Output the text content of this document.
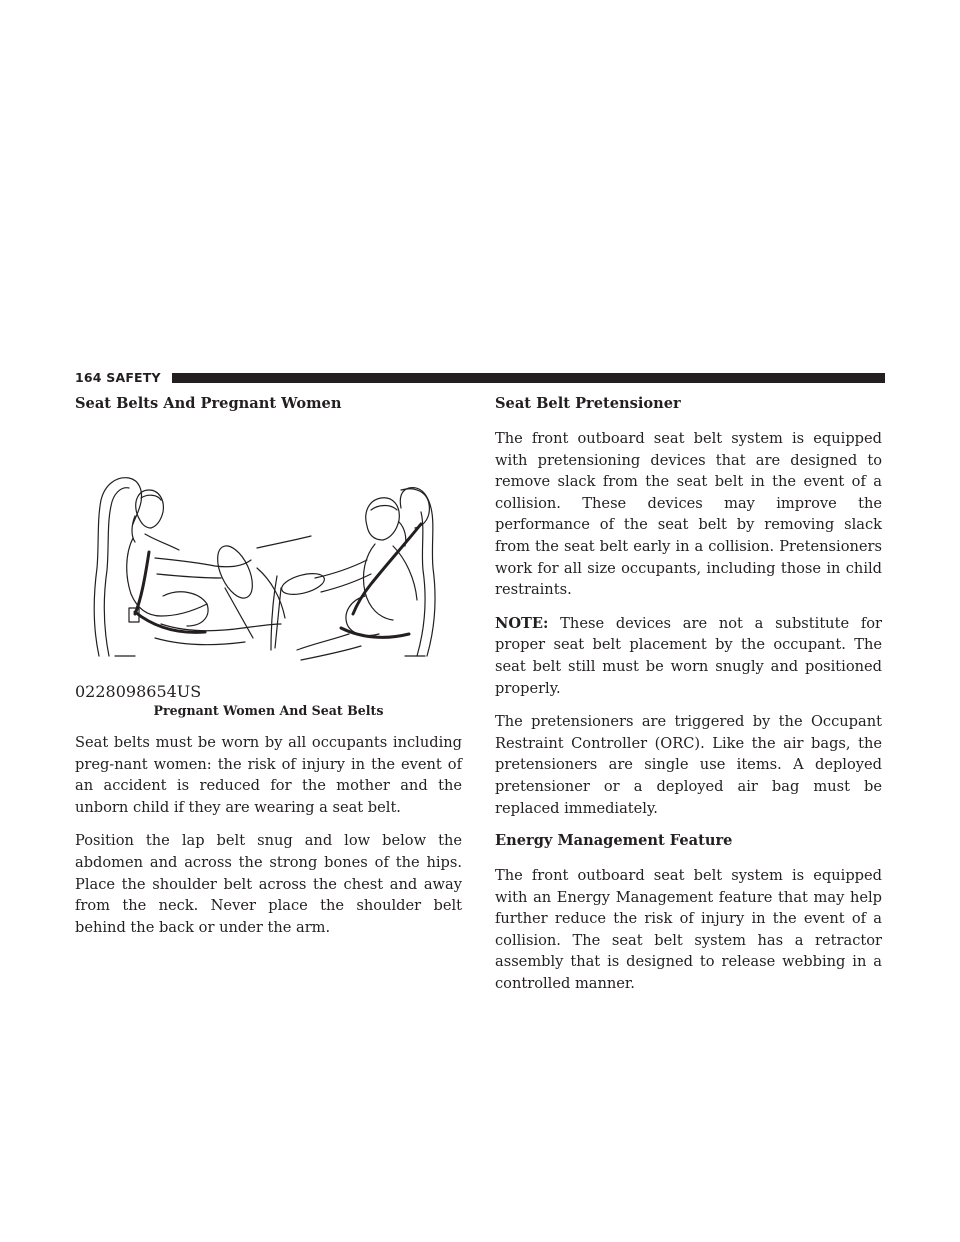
164 SAFETY
Seat Belts And Pregnant Women
0228098654US
Pregnant Women And Seat Belts

Seat belts must be worn by all occupants including preg-nant women: the risk of injury in the event of an accident is reduced for the mother and the unborn child if they are wearing a seat belt.

Position the lap belt snug and low below the abdomen and across the strong bones of the hips. Place the shoulder belt across the chest and away from the neck. Never place the shoulder belt behind the back or under the arm.

Seat Belt Pretensioner

The front outboard seat belt system is equipped with pretensioning devices that are designed to remove slack from the seat belt in the event of a collision. These devices may improve the performance of the seat belt by removing slack from the seat belt early in a collision. Pretensioners work for all size occupants, including those in child restraints.

NOTE: These devices are not a substitute for proper seat belt placement by the occupant. The seat belt still must be worn snugly and positioned properly.

The pretensioners are triggered by the Occupant Restraint Controller (ORC). Like the air bags, the pretensioners are single use items. A deployed pretensioner or a deployed air bag must be replaced immediately.

Energy Management Feature

The front outboard seat belt system is equipped with an Energy Management feature that may help further reduce the risk of injury in the event of a collision. The seat belt system has a retractor assembly that is designed to release webbing in a controlled manner.
